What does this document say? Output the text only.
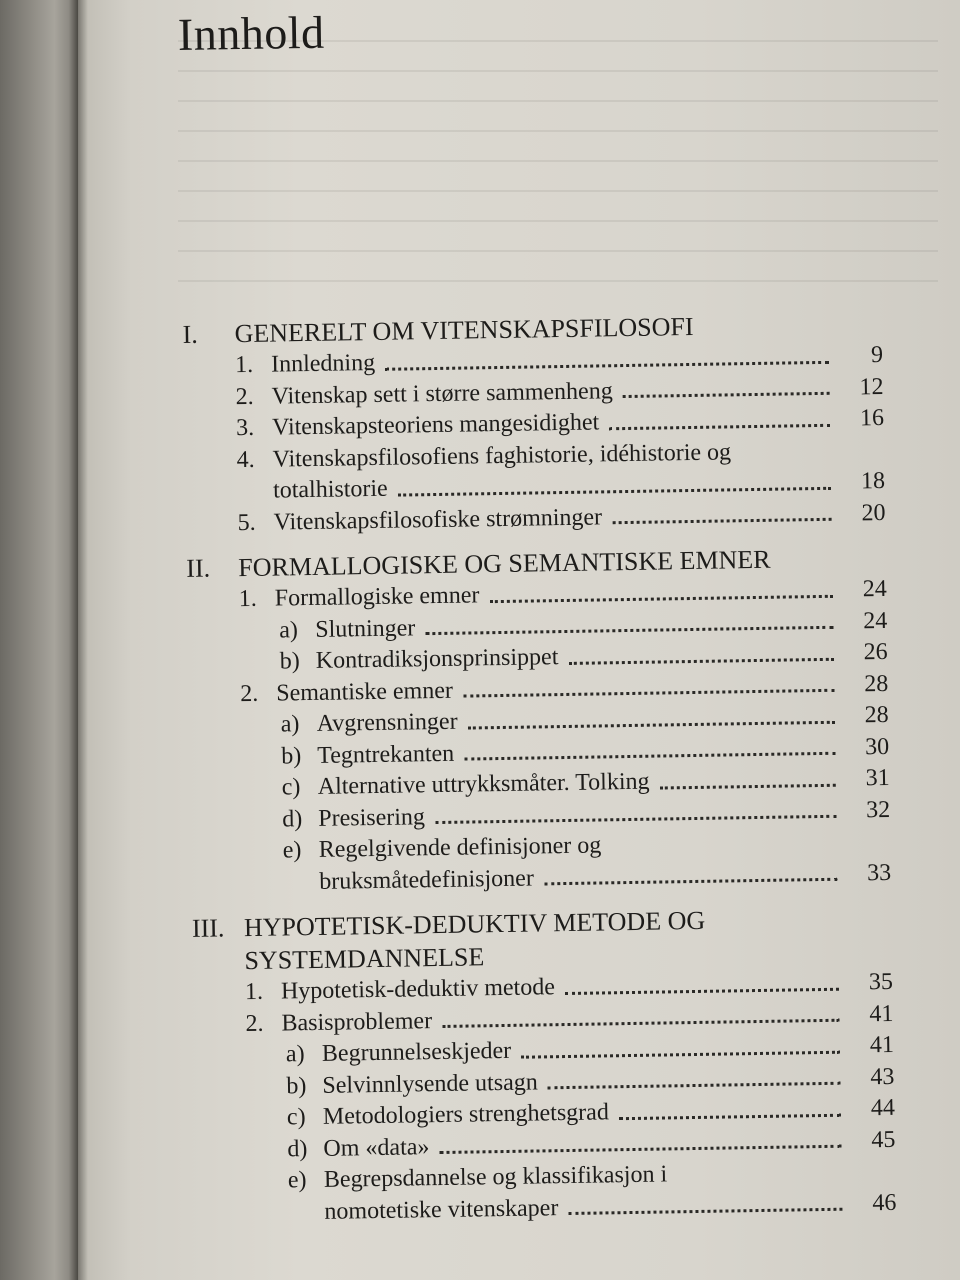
Innhold
I.	GENERELT OM VITENSKAPSFILOSOFI
1. Innledning	9
2. Vitenskap sett i større sammenheng	12
3. Vitenskapsteoriens mangesidighet	16
4. Vitenskapsfilosofiens faghistorie, idéhistorie og
totalhistorie	18
5. Vitenskapsfilosofiske strømninger	20
II.	FORMALLOGISKE OG SEMANTISKE EMNER
1. Formallogiske emner	24
a) Slutninger	24
b) Kontradiksjonsprinsippet	26
2. Semantiske emner	28
a) Avgrensninger	28
b) Tegntrekanten	30
c) Alternative uttrykksmåter. Tolking	31
d) Presisering	32
e) Regelgivende definisjoner og
bruksmåtedefinisjoner	33
III. HYPOTETISK-DEDUKTIV METODE OG SYSTEMDANNELSE
1. Hypotetisk-deduktiv metode	35
2. Basisproblemer	41
a) Begrunnelseskjeder	41
b) Selvinnlysende utsagn	43
c) Metodologiers strenghetsgrad	44
d) Om «data»	45
e) Begrepsdannelse og klassifikasjon i
nomotetiske vitenskaper	46
